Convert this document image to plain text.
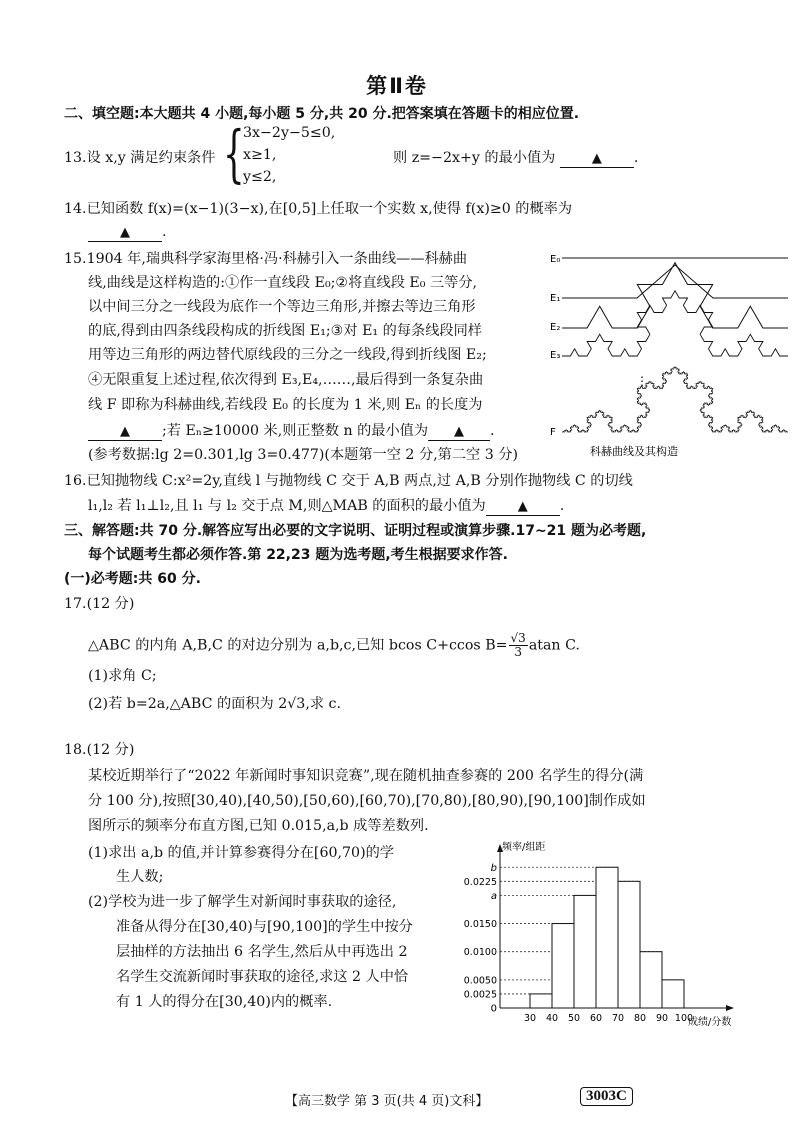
第Ⅱ卷
二、填空题:本大题共 4 小题,每小题 5 分,共 20 分.把答案填在答题卡的相应位置.
13.设 x,y 满足约束条件 {
3x−2y−5≤0,
x≥1,
y≤2,
则 z=−2x+y 的最小值为	▲ .
14.已知函数 f(x)=(x−1)(3−x),在[0,5]上任取一个实数 x,使得 f(x)≥0 的概率为
▲ .
15.1904 年,瑞典科学家海里格·冯·科赫引入一条曲线——科赫曲
线,曲线是这样构造的:①作一直线段 E₀;②将直线段 E₀ 三等分,
以中间三分之一线段为底作一个等边三角形,并擦去等边三角形
的底,得到由四条线段构成的折线图 E₁;③对 E₁ 的每条线段同样
用等边三角形的两边替代原线段的三分之一线段,得到折线图 E₂;
④无限重复上述过程,依次得到 E₃,E₄,……,最后得到一条复杂曲
线 F 即称为科赫曲线,若线段 E₀ 的长度为 1 米,则 Eₙ 的长度为
▲ ;若 Eₙ≥10000 米,则正整数 n 的最小值为 ▲ .
(参考数据:lg 2=0.301,lg 3=0.477)(本题第一空 2 分,第二空 3 分)
E₀
E₁
E₂
E₃
⋮
F
科赫曲线及其构造
16.已知抛物线 C:x²=2y,直线 l 与抛物线 C 交于 A,B 两点,过 A,B 分别作抛物线 C 的切线
l₁,l₂ 若 l₁⊥l₂,且 l₁ 与 l₂ 交于点 M,则△MAB 的面积的最小值为 ▲ .
三、解答题:共 70 分.解答应写出必要的文字说明、证明过程或演算步骤.17~21 题为必考题,
每个试题考生都必须作答.第 22,23 题为选考题,考生根据要求作答.
(一)必考题:共 60 分.
17.(12 分)
△ABC 的内角 A,B,C 的对边分别为 a,b,c,已知 bcos C+ccos $B= \frac{√3}{3}$ atan C.
(1)求角 C;
(2)若 b=2a,△ABC 的面积为 2√3,求 c.
18.(12 分)
某校近期举行了“2022 年新闻时事知识竞赛”,现在随机抽查参赛的 200 名学生的得分(满
分 100 分),按照[30,40),[40,50),[50,60),[60,70),[70,80),[80,90),[90,100]制作成如
图所示的频率分布直方图,已知 0.015,a,b 成等差数列.
(1)求出 a,b 的值,并计算参赛得分在[60,70)的学
生人数;
(2)学校为进一步了解学生对新闻时事获取的途径,
准备从得分在[30,40)与[90,100]的学生中按分
层抽样的方法抽出 6 名学生,然后从中再选出 2
名学生交流新闻时事获取的途径,求这 2 人中恰
有 1 人的得分在[30,40)内的概率.	0
0.0025
0.0050
0.0100
0.0150
a
0.0225
b
30 40 50 60 70 80 90 100
频率/组距
成绩/分数
【高三数学 第 3 页(共 4 页)文科】	3003C
